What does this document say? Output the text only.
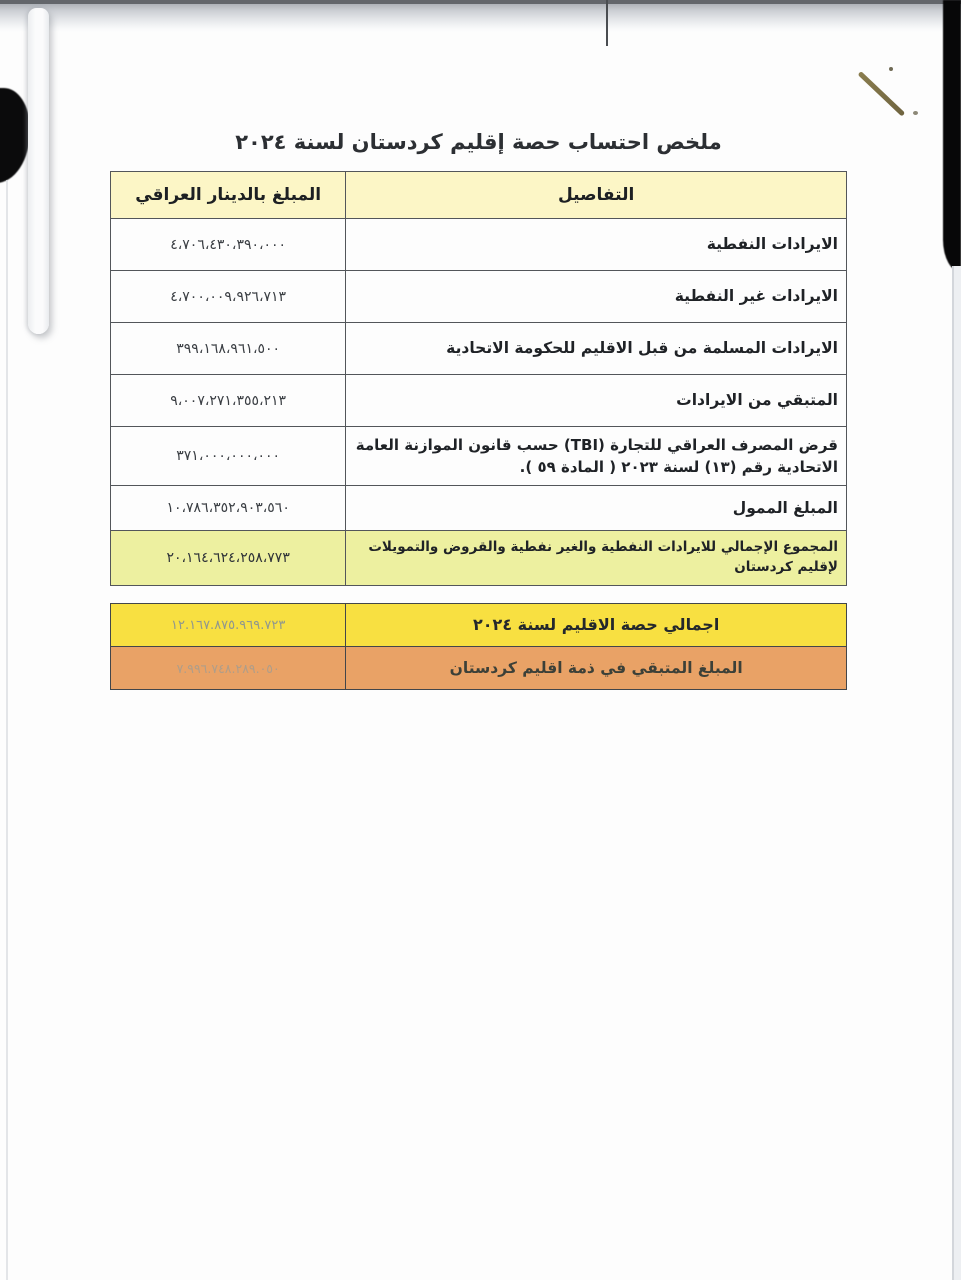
ملخص احتساب حصة إقليم كردستان لسنة ٢٠٢٤
التفاصيل	المبلغ بالدينار العراقي
الايرادات النفطية	٤،٧٠٦،٤٣٠،٣٩٠،٠٠٠
الايرادات غير النفطية	٤،٧٠٠،٠٠٩،٩٢٦،٧١٣
الايرادات المسلمة من قبل الاقليم للحكومة الاتحادية	٣٩٩،١٦٨،٩٦١،٥٠٠
المتبقي من الايرادات	٩،٠٠٧،٢٧١،٣٥٥،٢١٣
قرض المصرف العراقي للتجارة (TBI) حسب قانون الموازنة العامة الاتحادية رقم (١٣) لسنة ٢٠٢٣ ( المادة ٥٩ ).	٣٧١،٠٠٠،٠٠٠،٠٠٠
المبلغ الممول	١٠،٧٨٦،٣٥٢،٩٠٣،٥٦٠
المجموع الإجمالي للايرادات النفطية والغير نفطية والقروض والتمويلات لإقليم كردستان	٢٠،١٦٤،٦٢٤،٢٥٨،٧٧٣
اجمالي حصة الاقليم لسنة ٢٠٢٤	١٢.١٦٧.٨٧٥.٩٦٩.٧٢٣
المبلغ المتبقي في ذمة اقليم كردستان	٧.٩٩٦.٧٤٨.٢٨٩.٠٥٠
